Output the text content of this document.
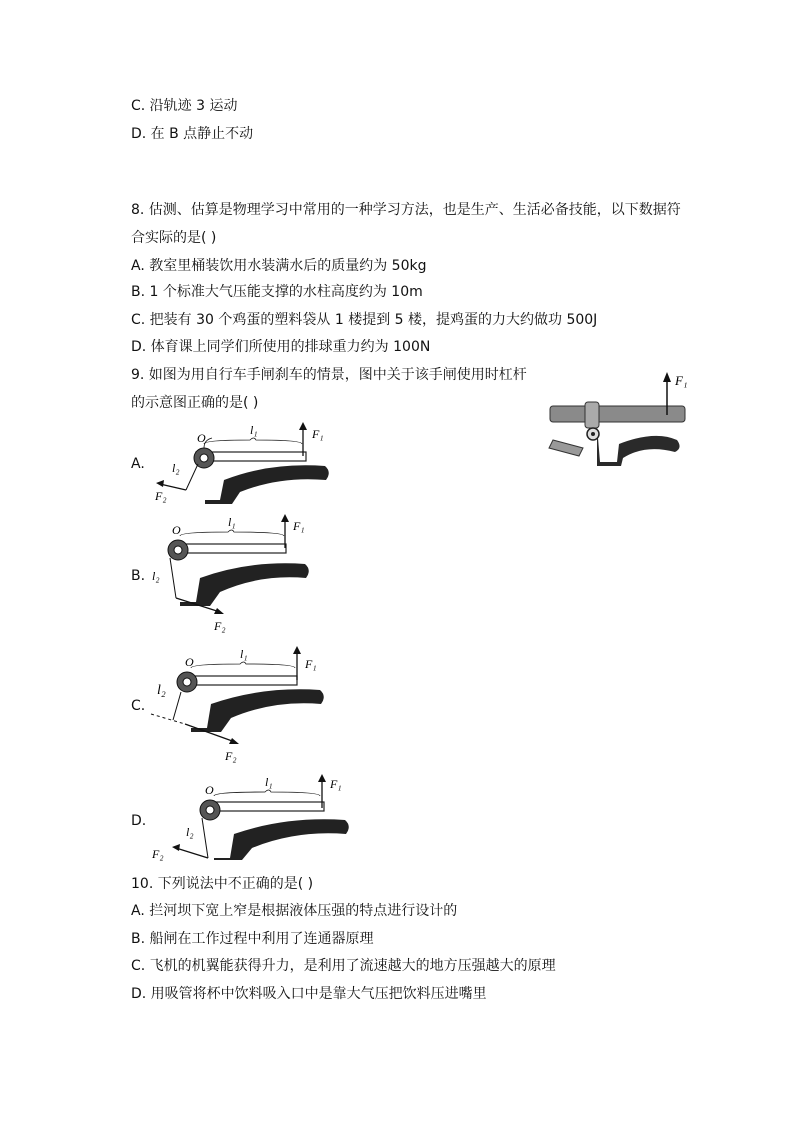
C. 沿轨迹 3 运动
D. 在 B 点静止不动
8. 估测、估算是物理学习中常用的一种学习方法，也是生产、生活必备技能，以下数据符
合实际的是( )
A. 教室里桶装饮用水装满水后的质量约为 50kg
B. 1 个标准大气压能支撑的水柱高度约为 10m
C. 把装有 30 个鸡蛋的塑料袋从 1 楼提到 5 楼，提鸡蛋的力大约做功 500J
D. 体育课上同学们所使用的排球重力约为 100N
9. 如图为用自行车手闸刹车的情景，图中关于该手闸使用时杠杆
的示意图正确的是( )
F₁
A.
O
l₁	F₁
l₂
F₂
B.
O
l₁	F₁
l₂
F₂
C.
O
l₁
F₁
l₂
F₂
D.
O
l₁	F₁
l₂
F₂
10. 下列说法中不正确的是( )
A. 拦河坝下宽上窄是根据液体压强的特点进行设计的
B. 船闸在工作过程中利用了连通器原理
C. 飞机的机翼能获得升力，是利用了流速越大的地方压强越大的原理
D. 用吸管将杯中饮料吸入口中是靠大气压把饮料压进嘴里
